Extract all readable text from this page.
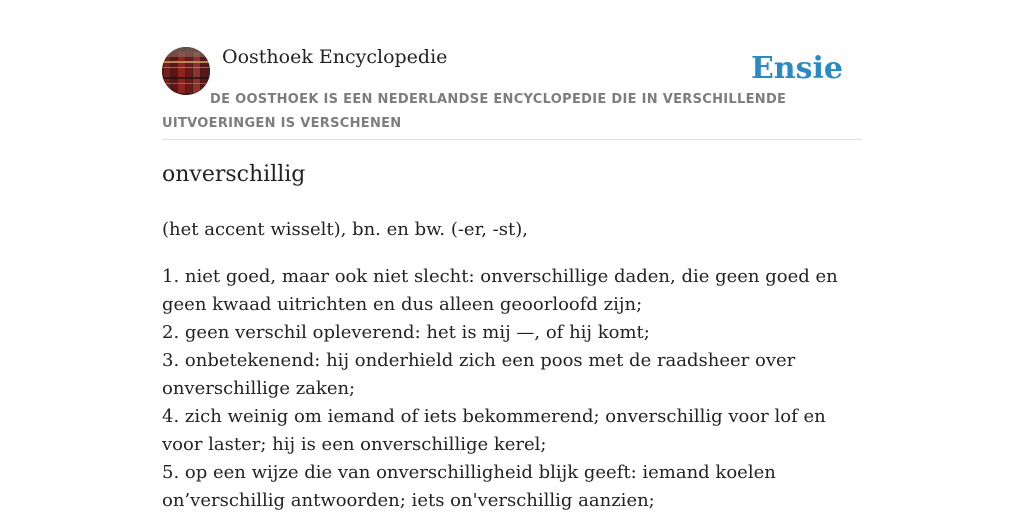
Oosthoek Encyclopedie	Ensie

DE OOSTHOEK IS EEN NEDERLANDSE ENCYCLOPEDIE DIE IN VERSCHILLENDE UITVOERINGEN IS VERSCHENEN

onverschillig

(het accent wisselt), bn. en bw. (-er, -st),

1. niet goed, maar ook niet slecht: onverschillige daden, die geen goed en geen kwaad uitrichten en dus alleen geoorloofd zijn;
2. geen verschil opleverend: het is mij —, of hij komt;
3. onbetekenend: hij onderhield zich een poos met de raadsheer over onverschillige zaken;
4. zich weinig om iemand of iets bekommerend; onverschillig voor lof en voor laster; hij is een onverschillige kerel;
5. op een wijze die van onverschilligheid blijk geeft: iemand koelen on’verschillig antwoorden; iets on'verschillig aanzien;
